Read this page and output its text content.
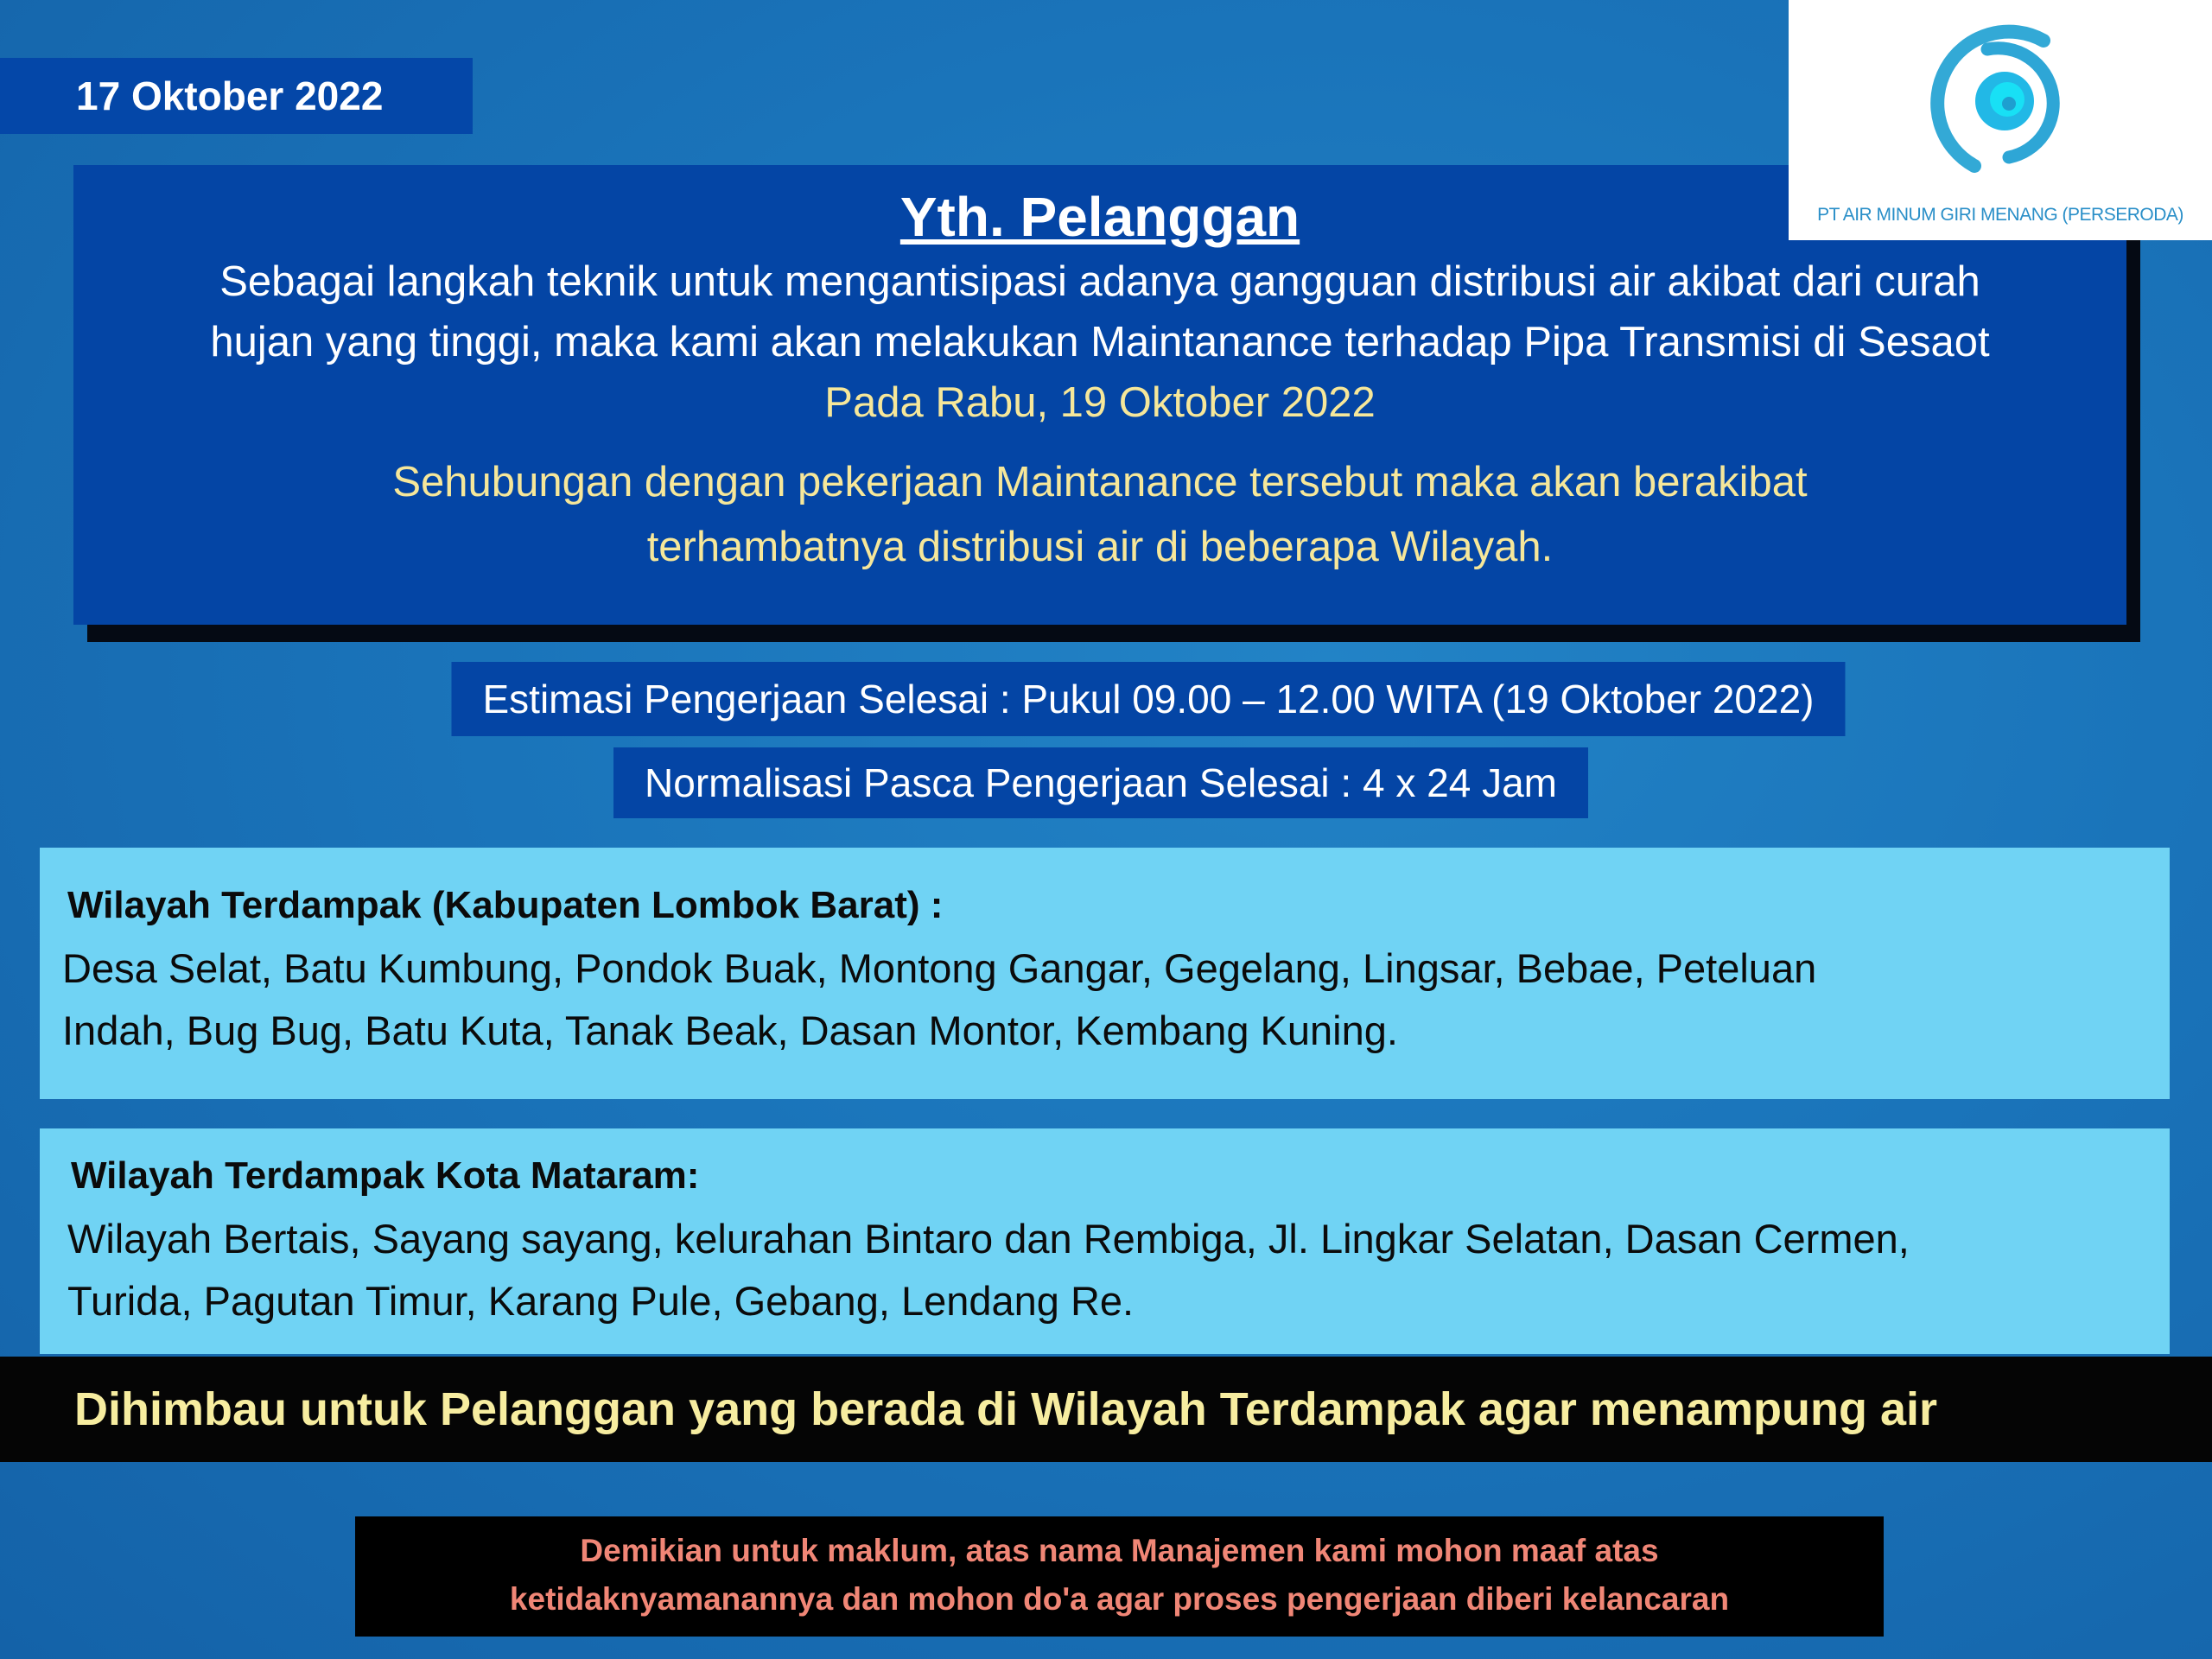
17 Oktober 2022
Yth. Pelanggan
Sebagai langkah teknik untuk mengantisipasi adanya gangguan distribusi air akibat dari curah
hujan yang tinggi, maka kami akan melakukan Maintanance terhadap Pipa Transmisi di Sesaot
Pada Rabu, 19 Oktober 2022
Sehubungan dengan pekerjaan Maintanance tersebut maka akan berakibat
terhambatnya distribusi air di beberapa Wilayah.
PT AIR MINUM GIRI MENANG (PERSERODA)
Estimasi Pengerjaan Selesai : Pukul 09.00 – 12.00 WITA (19 Oktober 2022)
Normalisasi Pasca Pengerjaan Selesai : 4 x 24 Jam
Wilayah Terdampak (Kabupaten Lombok Barat) :
Desa Selat, Batu Kumbung, Pondok Buak, Montong Gangar, Gegelang, Lingsar, Bebae, Peteluan
Indah, Bug Bug, Batu Kuta, Tanak Beak, Dasan Montor, Kembang Kuning.
Wilayah Terdampak Kota Mataram:
Wilayah Bertais, Sayang sayang, kelurahan Bintaro dan Rembiga, Jl. Lingkar Selatan, Dasan Cermen,
Turida, Pagutan Timur, Karang Pule, Gebang, Lendang Re.
Dihimbau untuk Pelanggan yang berada di Wilayah Terdampak agar menampung air
Demikian untuk maklum, atas nama Manajemen kami mohon maaf atas
ketidaknyamanannya dan mohon do'a agar proses pengerjaan diberi kelancaran
